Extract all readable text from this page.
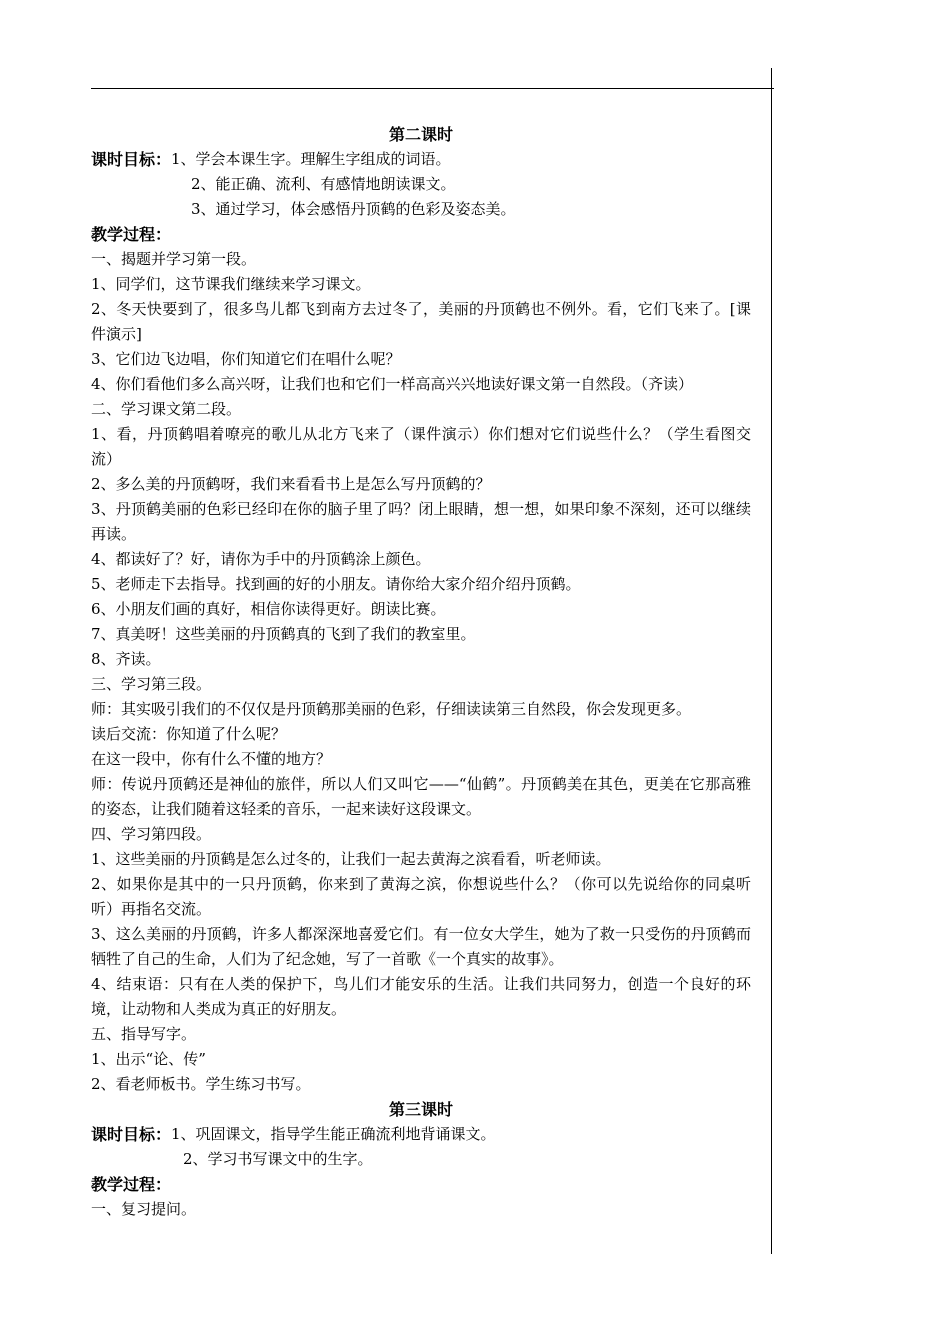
第二课时
课时目标： 1、学会本课生字。理解生字组成的词语。
2、能正确、流利、有感情地朗读课文。
3、通过学习，体会感悟丹顶鹤的色彩及姿态美。
教学过程：
一、揭题并学习第一段。
1、同学们，这节课我们继续来学习课文。
2、冬天快要到了，很多鸟儿都飞到南方去过冬了，美丽的丹顶鹤也不例外。看，它们飞来了。[课件演示]
3、它们边飞边唱，你们知道它们在唱什么呢？
4、你们看他们多么高兴呀，让我们也和它们一样高高兴兴地读好课文第一自然段。（齐读）
二、学习课文第二段。
1、看，丹顶鹤唱着嘹亮的歌儿从北方飞来了（课件演示）你们想对它们说些什么？（学生看图交流）
2、多么美的丹顶鹤呀，我们来看看书上是怎么写丹顶鹤的？
3、丹顶鹤美丽的色彩已经印在你的脑子里了吗？闭上眼睛，想一想，如果印象不深刻，还可以继续再读。
4、都读好了？好，请你为手中的丹顶鹤涂上颜色。
5、老师走下去指导。找到画的好的小朋友。请你给大家介绍介绍丹顶鹤。
6、小朋友们画的真好，相信你读得更好。朗读比赛。
7、真美呀！这些美丽的丹顶鹤真的飞到了我们的教室里。
8、齐读。
三、学习第三段。
师：其实吸引我们的不仅仅是丹顶鹤那美丽的色彩，仔细读读第三自然段，你会发现更多。
读后交流：你知道了什么呢？
在这一段中，你有什么不懂的地方？
师：传说丹顶鹤还是神仙的旅伴，所以人们又叫它——“仙鹤”。丹顶鹤美在其色，更美在它那高雅的姿态，让我们随着这轻柔的音乐，一起来读好这段课文。
四、学习第四段。
1、这些美丽的丹顶鹤是怎么过冬的，让我们一起去黄海之滨看看，听老师读。
2、如果你是其中的一只丹顶鹤，你来到了黄海之滨，你想说些什么？（你可以先说给你的同桌听听）再指名交流。
3、这么美丽的丹顶鹤，许多人都深深地喜爱它们。有一位女大学生，她为了救一只受伤的丹顶鹤而牺牲了自己的生命，人们为了纪念她，写了一首歌《一个真实的故事》。
4、结束语：只有在人类的保护下，鸟儿们才能安乐的生活。让我们共同努力，创造一个良好的环境，让动物和人类成为真正的好朋友。
五、指导写字。
1、出示“论、传”
2、看老师板书。学生练习书写。
第三课时
课时目标： 1、巩固课文，指导学生能正确流利地背诵课文。
2、学习书写课文中的生字。
教学过程：
一、复习提问。
